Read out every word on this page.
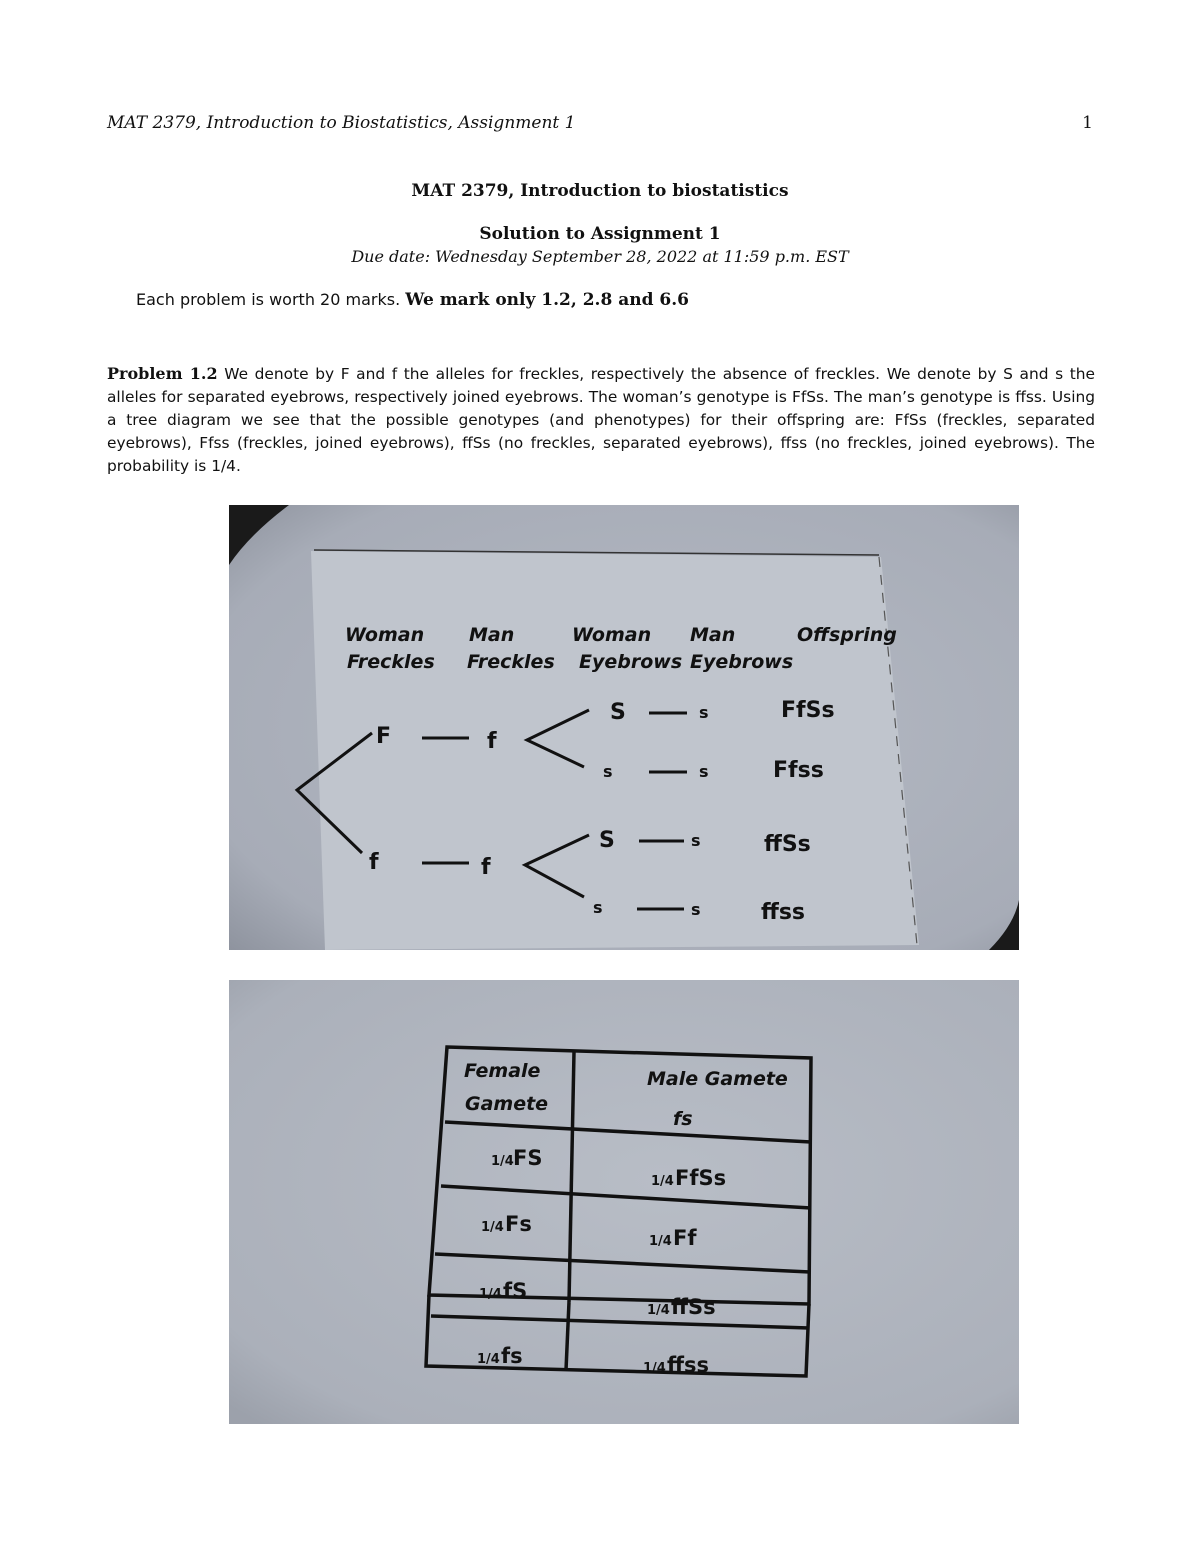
MAT 2379, Introduction to Biostatistics, Assignment 1	1
MAT 2379, Introduction to biostatistics
Solution to Assignment 1
Due date: Wednesday September 28, 2022 at 11:59 p.m. EST
Each problem is worth 20 marks. We mark only 1.2, 2.8 and 6.6
Problem 1.2 We denote by F and f the alleles for freckles, respectively the absence of freckles. We denote by S and s the alleles for separated eyebrows, respectively joined eyebrows. The woman’s genotype is FfSs. The man’s genotype is ffss. Using a tree diagram we see that the possible genotypes (and phenotypes) for their offspring are: FfSs (freckles, separated eyebrows), Ffss (freckles, joined eyebrows), ffSs (no freckles, separated eyebrows), ffss (no freckles, joined eyebrows). The probability is 1/4.
Woman
Freckles
Man
Freckles
Woman
Eyebrows
Man
Eyebrows
Offspring
F
f
f
f
S
s
S
s
s
s
s
s
FfSs
Ffss
ffSs
ffss
Female
Gamete
Male Gamete
fs
1/4 FS
1/4 FfSs
1/4 Fs
1/4 Ff
1/4 fS
1/4 ffSs
1/4 fs
1/4 ffss
